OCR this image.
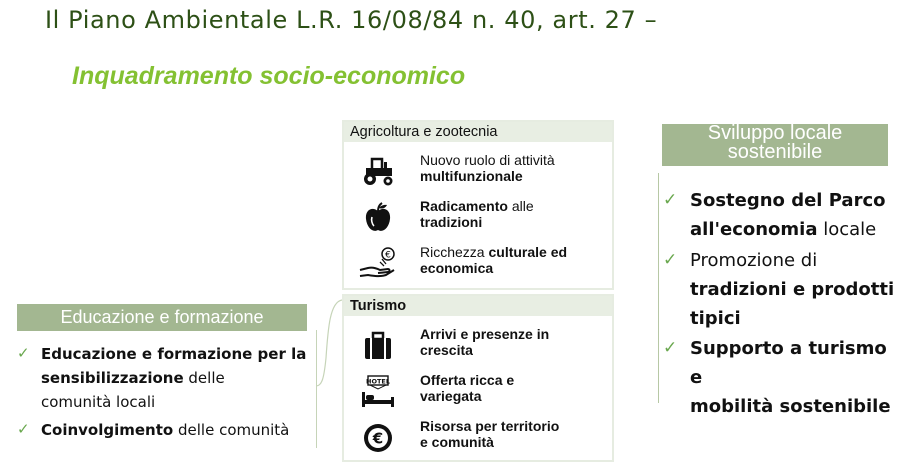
Il Piano Ambientale L.R. 16/08/84 n. 40, art. 27 –
Inquadramento socio-economico
Agricoltura e zootecnia
Nuovo ruolo di attività
multifunzionale
Radicamento alle
tradizioni
€ Ricchezza culturale ed
economica
Turismo
Arrivi e presenze in
crescita
HOTEL Offerta ricca e
variegata
€
Risorsa per territorio
e comunità
Sviluppo locale
sostenibile
✓ Sostegno del Parco
all'economia locale
✓ Promozione di
tradizioni e prodotti
tipici
✓ Supporto a turismo e
mobilità sostenibile
Educazione e formazione
✓ Educazione e formazione per la
sensibilizzazione delle
comunità locali
✓ Coinvolgimento delle comunità
